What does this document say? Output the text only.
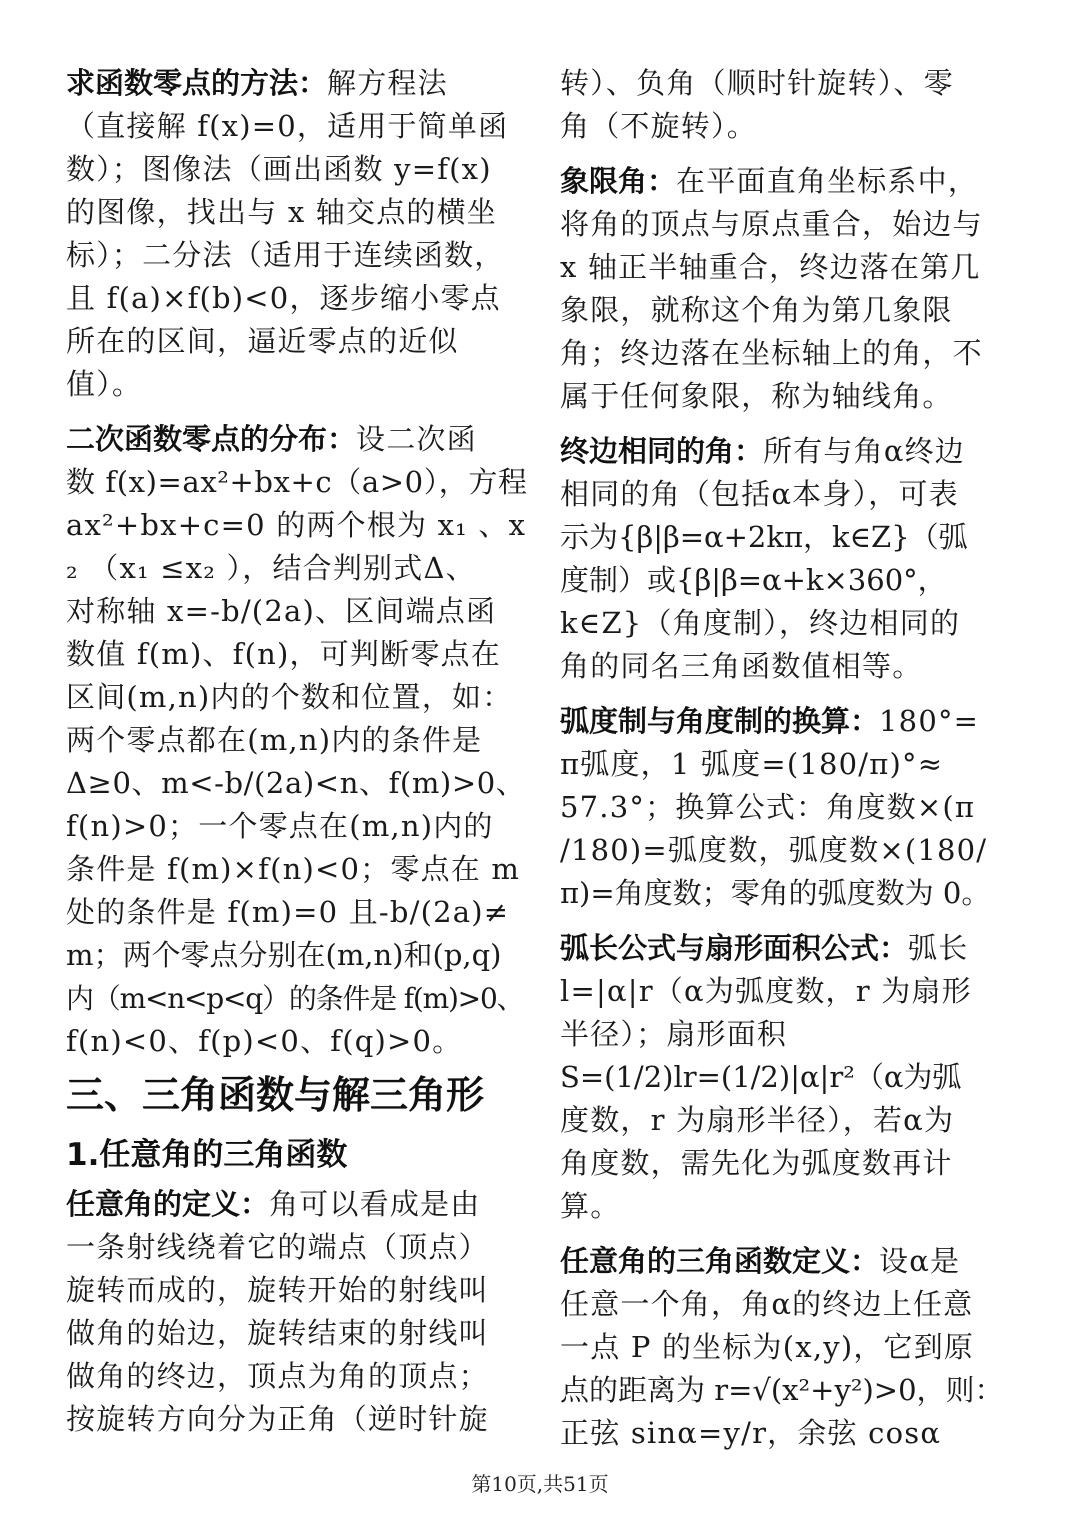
求函数零点的方法：解方程法
（直接解 f(x)=0，适用于简单函
数）；图像法（画出函数 y=f(x)
的图像，找出与 x 轴交点的横坐
标）；二分法（适用于连续函数，
且 f(a)×f(b)<0，逐步缩小零点
所在的区间，逼近零点的近似
值）。
二次函数零点的分布：设二次函
数 f(x)=ax²+bx+c（a>0），方程
ax²+bx+c=0 的两个根为 x₁ 、x
₂ （x₁ ≤x₂ ），结合判别式Δ、
对称轴 x=-b/(2a)、区间端点函
数值 f(m)、f(n)，可判断零点在
区间(m,n)内的个数和位置，如：
两个零点都在(m,n)内的条件是
Δ≥0、m<-b/(2a)<n、f(m)>0、
f(n)>0；一个零点在(m,n)内的
条件是 f(m)×f(n)<0；零点在 m
处的条件是 f(m)=0 且-b/(2a)≠
m；两个零点分别在(m,n)和(p,q)
内（m<n<p<q）的条件是 f(m)>0、
f(n)<0、f(p)<0、f(q)>0。
三、三角函数与解三角形
1.任意角的三角函数
任意角的定义：角可以看成是由
一条射线绕着它的端点（顶点）
旋转而成的，旋转开始的射线叫
做角的始边，旋转结束的射线叫
做角的终边，顶点为角的顶点；
按旋转方向分为正角（逆时针旋
转）、负角（顺时针旋转）、零
角（不旋转）。
象限角：在平面直角坐标系中，
将角的顶点与原点重合，始边与
x 轴正半轴重合，终边落在第几
象限，就称这个角为第几象限
角；终边落在坐标轴上的角，不
属于任何象限，称为轴线角。
终边相同的角：所有与角α终边
相同的角（包括α本身），可表
示为{β|β=α+2kπ，k∈Z}（弧
度制）或{β|β=α+k×360°，
k∈Z}（角度制），终边相同的
角的同名三角函数值相等。
弧度制与角度制的换算：180°=
π弧度，1 弧度=(180/π)°≈
57.3°；换算公式：角度数×(π
/180)=弧度数，弧度数×(180/
π)=角度数；零角的弧度数为 0。
弧长公式与扇形面积公式：弧长
l=|α|r（α为弧度数，r 为扇形
半径）；扇形面积
S=(1/2)lr=(1/2)|α|r²（α为弧
度数，r 为扇形半径），若α为
角度数，需先化为弧度数再计
算。
任意角的三角函数定义：设α是
任意一个角，角α的终边上任意
一点 P 的坐标为(x,y)，它到原
点的距离为 r=√(x²+y²)>0，则：
正弦 sinα=y/r，余弦 cosα
第10页,共51页
